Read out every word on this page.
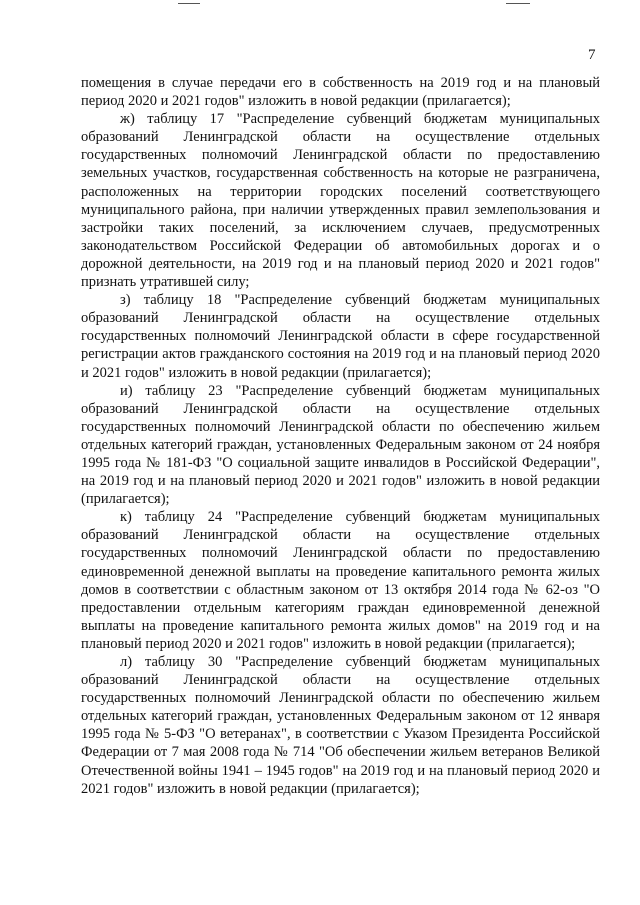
7

помещения в случае передачи его в собственность на 2019 год и на плановый период 2020 и 2021 годов" изложить в новой редакции (прилагается);

ж) таблицу 17 "Распределение субвенций бюджетам муниципальных образований Ленинградской области на осуществление отдельных государственных полномочий Ленинградской области по предоставлению земельных участков, государственная собственность на которые не разграничена, расположенных на территории городских поселений соответствующего муниципального района, при наличии утвержденных правил землепользования и застройки таких поселений, за исключением случаев, предусмотренных законодательством Российской Федерации об автомобильных дорогах и о дорожной деятельности, на 2019 год и на плановый период 2020 и 2021 годов" признать утратившей силу;

з) таблицу 18 "Распределение субвенций бюджетам муниципальных образований Ленинградской области на осуществление отдельных государственных полномочий Ленинградской области в сфере государственной регистрации актов гражданского состояния на 2019 год и на плановый период 2020 и 2021 годов" изложить в новой редакции (прилагается);

и) таблицу 23 "Распределение субвенций бюджетам муниципальных образований Ленинградской области на осуществление отдельных государственных полномочий Ленинградской области по обеспечению жильем отдельных категорий граждан, установленных Федеральным законом от 24 ноября 1995 года № 181-ФЗ "О социальной защите инвалидов в Российской Федерации", на 2019 год и на плановый период 2020 и 2021 годов" изложить в новой редакции (прилагается);

к) таблицу 24 "Распределение субвенций бюджетам муниципальных образований Ленинградской области на осуществление отдельных государственных полномочий Ленинградской области по предоставлению единовременной денежной выплаты на проведение капитального ремонта жилых домов в соответствии с областным законом от 13 октября 2014 года № 62-оз "О предоставлении отдельным категориям граждан единовременной денежной выплаты на проведение капитального ремонта жилых домов" на 2019 год и на плановый период 2020 и 2021 годов" изложить в новой редакции (прилагается);

л) таблицу 30 "Распределение субвенций бюджетам муниципальных образований Ленинградской области на осуществление отдельных государственных полномочий Ленинградской области по обеспечению жильем отдельных категорий граждан, установленных Федеральным законом от 12 января 1995 года № 5-ФЗ "О ветеранах", в соответствии с Указом Президента Российской Федерации от 7 мая 2008 года № 714 "Об обеспечении жильем ветеранов Великой Отечественной войны 1941 – 1945 годов" на 2019 год и на плановый период 2020 и 2021 годов" изложить в новой редакции (прилагается);
